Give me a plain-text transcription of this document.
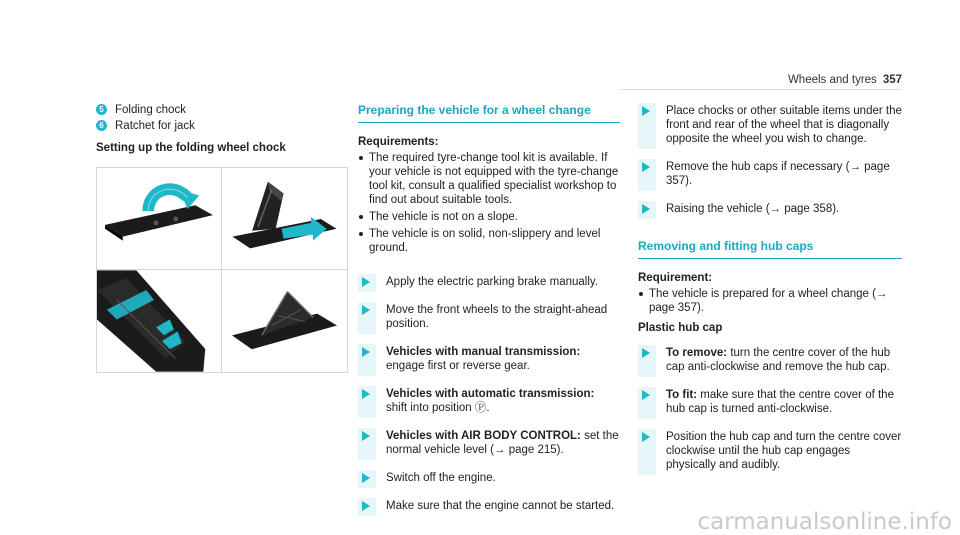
Wheels and tyres 357
5 Folding chock
6 Ratchet for jack
Setting up the folding wheel chock
Preparing the vehicle for a wheel change
Requirements:
The required tyre-change tool kit is available. If your vehicle is not equipped with the tyre-change tool kit, consult a qualified specialist workshop to find out about suitable tools.
The vehicle is not on a slope.
The vehicle is on solid, non-slippery and level ground.
Apply the electric parking brake manually.
Move the front wheels to the straight-ahead position.
Vehicles with manual transmission:
engage first or reverse gear.
Vehicles with automatic transmission:
shift into position Ⓟ.
Vehicles with AIR BODY CONTROL: set the normal vehicle level (→ page 215).
Switch off the engine.
Make sure that the engine cannot be started.
Place chocks or other suitable items under the front and rear of the wheel that is diagonally opposite the wheel you wish to change.
Remove the hub caps if necessary (→ page 357).
Raising the vehicle (→ page 358).
Removing and fitting hub caps
Requirement:
The vehicle is prepared for a wheel change (→ page 357).
Plastic hub cap
To remove: turn the centre cover of the hub cap anti-clockwise and remove the hub cap.
To fit: make sure that the centre cover of the hub cap is turned anti-clockwise.
Position the hub cap and turn the centre cover clockwise until the hub cap engages physically and audibly.
carmanualsonline.info
